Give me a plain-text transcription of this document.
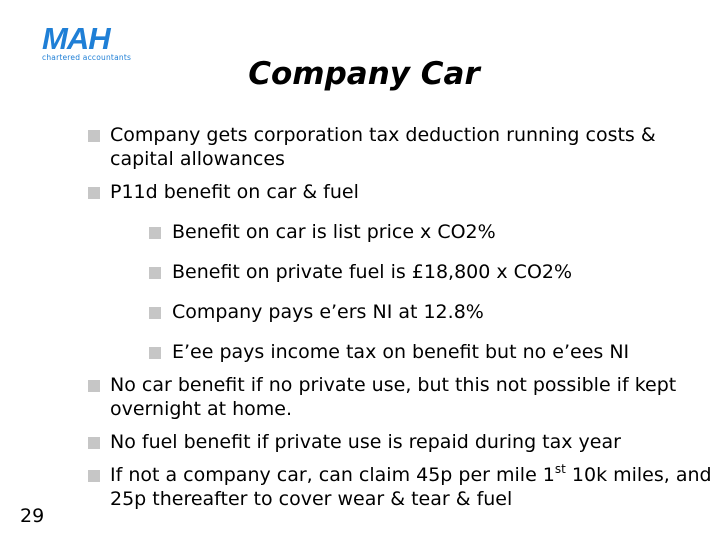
MAH
chartered accountants	Company Car
Company gets corporation tax deduction running costs & capital allowances
P11d benefit on car & fuel
Benefit on car is list price x CO2%
Benefit on private fuel is £18,800 x CO2%
Company pays e’ers NI at 12.8%
E’ee pays income tax on benefit but no e’ees NI
No car benefit if no private use, but this not possible if kept overnight at home.
No fuel benefit if private use is repaid during tax year
If not a company car, can claim 45p per mile 1st 10k miles, and 25p thereafter to cover wear & tear & fuel
29
